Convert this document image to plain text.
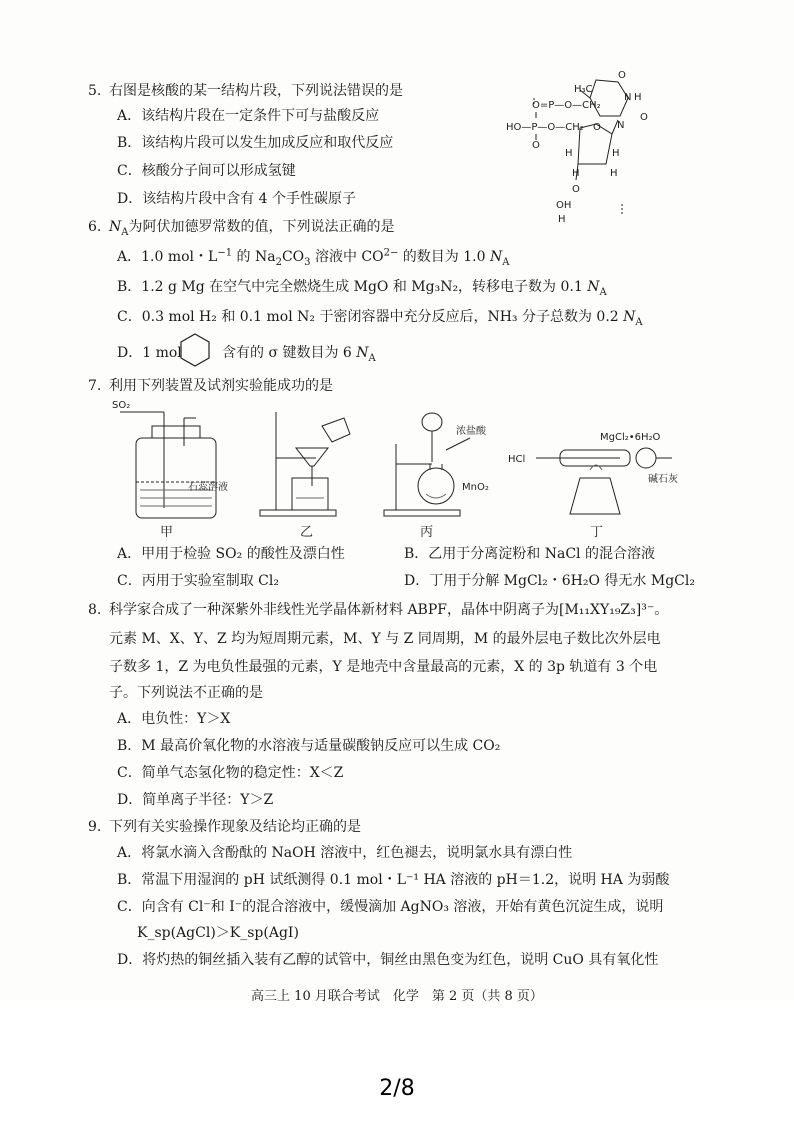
5. 右图是核酸的某一结构片段，下列说法错误的是
A．该结构片段在一定条件下可与盐酸反应
B．该结构片段可以发生加成反应和取代反应
C．核酸分子间可以形成氢键
D．该结构片段中含有 4 个手性碳原子
H₃C
O
H
N
O
HO—P—O—CH₂
O
O N
H	H
H	H
O
O=P—O—CH₂
OH
H
6. $N_A$为阿伏加德罗常数的值，下列说法正确的是
A．1.0 mol・$L^{-1}$ 的 $Na_2CO_3$ 溶液中 $CO^{2-}$ 的数目为 1.0 $N_A$
B．1.2 g Mg 在空气中完全燃烧生成 MgO 和 Mg₃N₂，转移电子数为 0.1 $N_A$
C．0.3 mol H₂ 和 0.1 mol N₂ 于密闭容器中充分反应后，NH₃ 分子总数为 0.2 $N_A$
D．1 mol	含有的 σ 键数目为 6 $N_A$
7. 利用下列装置及试剂实验能成功的是
SO₂
石蕊溶液
浓盐酸
MnO₂
HCl
MgCl₂•6H₂O
碱石灰
甲	乙	丙	丁
A．甲用于检验 SO₂ 的酸性及漂白性	B．乙用于分离淀粉和 NaCl 的混合溶液
C．丙用于实验室制取 Cl₂	D．丁用于分解 MgCl₂・6H₂O 得无水 MgCl₂
8. 科学家合成了一种深紫外非线性光学晶体新材料 ABPF，晶体中阴离子为[M₁₁XY₁₉Z₃]³⁻。
元素 M、X、Y、Z 均为短周期元素，M、Y 与 Z 同周期，M 的最外层电子数比次外层电
子数多 1，Z 为电负性最强的元素，Y 是地壳中含量最高的元素，X 的 3p 轨道有 3 个电
子。下列说法不正确的是
A．电负性：Y＞X
B．M 最高价氧化物的水溶液与适量碳酸钠反应可以生成 CO₂
C．简单气态氢化物的稳定性：X＜Z
D．简单离子半径：Y＞Z
9. 下列有关实验操作现象及结论均正确的是
A．将氯水滴入含酚酞的 NaOH 溶液中，红色褪去，说明氯水具有漂白性
B．常温下用湿润的 pH 试纸测得 0.1 mol・L⁻¹ HA 溶液的 pH＝1.2，说明 HA 为弱酸
C．向含有 Cl⁻和 I⁻的混合溶液中，缓慢滴加 AgNO₃ 溶液，开始有黄色沉淀生成，说明
K_sp(AgCl)＞K_sp(AgI)
D．将灼热的铜丝插入装有乙醇的试管中，铜丝由黑色变为红色，说明 CuO 具有氧化性
高三上 10 月联合考试　化学　第 2 页（共 8 页）
2/8
